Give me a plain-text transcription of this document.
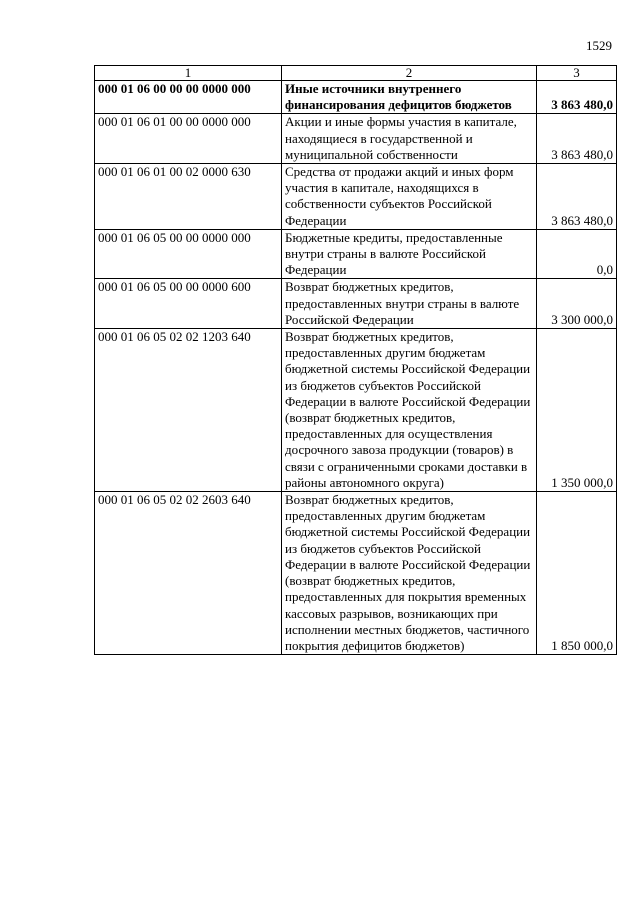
1529
1	2	3
000 01 06 00 00 00 0000 000	Иные источники внутреннего финансирования дефицитов бюджетов	3 863 480,0
000 01 06 01 00 00 0000 000	Акции и иные формы участия в капитале, находящиеся в государственной и муниципальной собственности	3 863 480,0
000 01 06 01 00 02 0000 630	Средства от продажи акций и иных форм участия в капитале, находящихся в собственности субъектов Российской Федерации	3 863 480,0
000 01 06 05 00 00 0000 000	Бюджетные кредиты, предоставленные внутри страны в валюте Российской Федерации	0,0
000 01 06 05 00 00 0000 600	Возврат бюджетных кредитов, предоставленных внутри страны в валюте Российской Федерации	3 300 000,0
000 01 06 05 02 02 1203 640	Возврат бюджетных кредитов, предоставленных другим бюджетам бюджетной системы Российской Федерации из бюджетов субъектов Российской Федерации в валюте Российской Федерации (возврат бюджетных кредитов, предоставленных для осуществления досрочного завоза продукции (товаров) в связи с ограниченными сроками доставки в районы автономного округа)	1 350 000,0
000 01 06 05 02 02 2603 640	Возврат бюджетных кредитов, предоставленных другим бюджетам бюджетной системы Российской Федерации из бюджетов субъектов Российской Федерации в валюте Российской Федерации (возврат бюджетных кредитов, предоставленных для покрытия временных кассовых разрывов, возникающих при исполнении местных бюджетов, частичного покрытия дефицитов бюджетов)	1 850 000,0
